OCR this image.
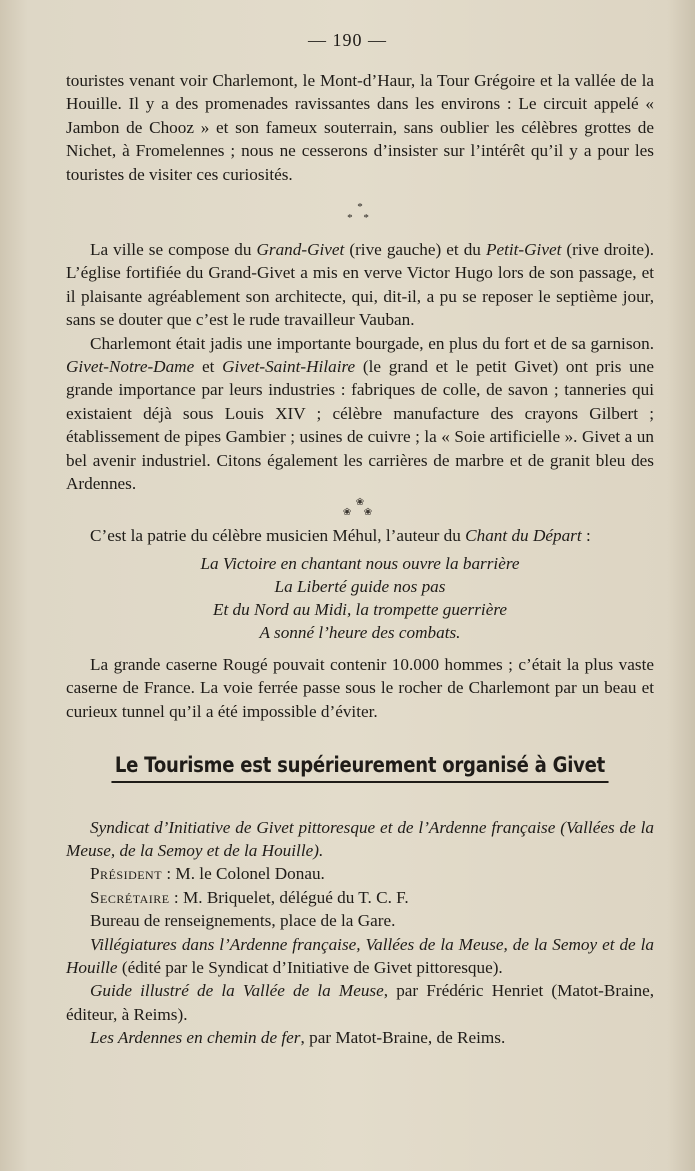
— 190 —

touristes venant voir Charlemont, le Mont-d’Haur, la Tour Grégoire et la vallée de la Houille. Il y a des promenades ravissantes dans les environs : Le circuit appelé « Jambon de Chooz » et son fameux souterrain, sans oublier les célèbres grottes de Nichet, à Fromelennes ; nous ne cesserons d’insister sur l’intérêt qu’il y a pour les touristes de visiter ces curiosités.

*
* *

La ville se compose du Grand-Givet (rive gauche) et du Petit-Givet (rive droite). L’église fortifiée du Grand-Givet a mis en verve Victor Hugo lors de son passage, et il plaisante agréablement son architecte, qui, dit-il, a pu se reposer le septième jour, sans se douter que c’est le rude travailleur Vauban.

Charlemont était jadis une importante bourgade, en plus du fort et de sa garnison. Givet-Notre-Dame et Givet-Saint-Hilaire (le grand et le petit Givet) ont pris une grande importance par leurs industries : fabriques de colle, de savon ; tanneries qui existaient déjà sous Louis XIV ; célèbre manufacture des crayons Gilbert ; établissement de pipes Gambier ; usines de cuivre ; la « Soie artificielle ». Givet a un bel avenir industriel. Citons également les carrières de marbre et de granit bleu des Ardennes.

❀
❀ ❀

C’est la patrie du célèbre musicien Méhul, l’auteur du Chant du Départ :

La Victoire en chantant nous ouvre la barrière
La Liberté guide nos pas
Et du Nord au Midi, la trompette guerrière
A sonné l’heure des combats.

La grande caserne Rougé pouvait contenir 10.000 hommes ; c’était la plus vaste caserne de France. La voie ferrée passe sous le rocher de Charlemont par un beau et curieux tunnel qu’il a été impossible d’éviter.

Le Tourisme est supérieurement organisé à Givet

Syndicat d’Initiative de Givet pittoresque et de l’Ardenne française (Vallées de la Meuse, de la Semoy et de la Houille).

Président : M. le Colonel Donau.

Secrétaire : M. Briquelet, délégué du T. C. F.

Bureau de renseignements, place de la Gare.

Villégiatures dans l’Ardenne française, Vallées de la Meuse, de la Semoy et de la Houille (édité par le Syndicat d’Initiative de Givet pittoresque).

Guide illustré de la Vallée de la Meuse, par Frédéric Henriet (Matot-Braine, éditeur, à Reims).

Les Ardennes en chemin de fer, par Matot-Braine, de Reims.
